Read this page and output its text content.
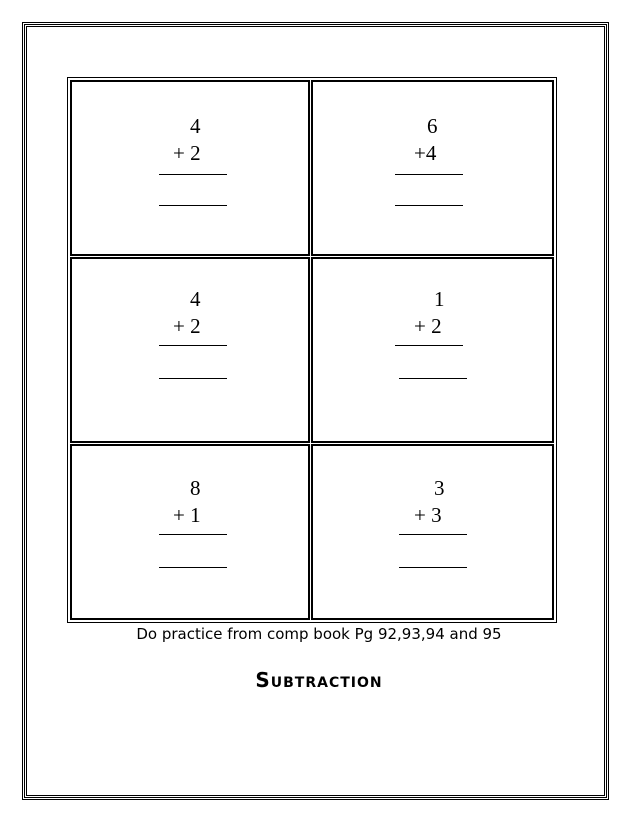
4
+ 2
6
+4
4
+ 2
1
+ 2
8
+ 1
3
+ 3
Do practice from comp book Pg 92,93,94 and 95
Subtraction
